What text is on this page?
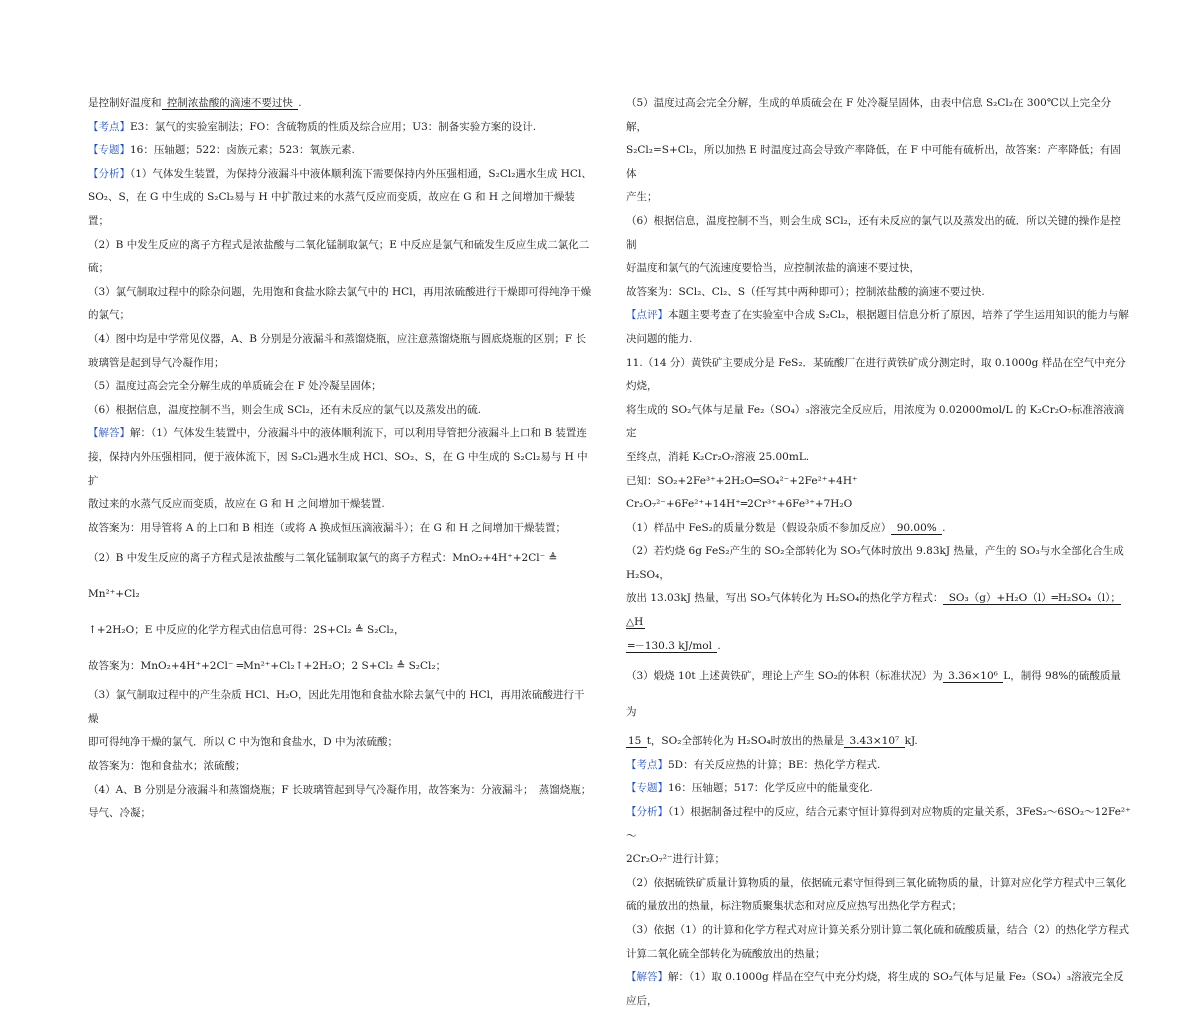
是控制好温度和 控制浓盐酸的滴速不要过快 .

【考点】E3：氯气的实验室制法；FO：含硫物质的性质及综合应用；U3：制备实验方案的设计.

【专题】16：压轴题；522：卤族元素；523：氧族元素.

【分析】（1）气体发生装置，为保持分液漏斗中液体顺利流下需要保持内外压强相通，S₂Cl₂遇水生成 HCl、

SO₂、S，在 G 中生成的 S₂Cl₂易与 H 中扩散过来的水蒸气反应而变质，故应在 G 和 H 之间增加干燥装置；

（2）B 中发生反应的离子方程式是浓盐酸与二氧化锰制取氯气；E 中反应是氯气和硫发生反应生成二氯化二

硫；

（3）氯气制取过程中的除杂问题，先用饱和食盐水除去氯气中的 HCl，再用浓硫酸进行干燥即可得纯净干燥

的氯气；

（4）图中均是中学常见仪器，A、B 分别是分液漏斗和蒸馏烧瓶，应注意蒸馏烧瓶与圆底烧瓶的区别；F 长

玻璃管是起到导气冷凝作用；

（5）温度过高会完全分解生成的单质硫会在 F 处冷凝呈固体；

（6）根据信息，温度控制不当，则会生成 SCl₂，还有未反应的氯气以及蒸发出的硫.

【解答】解：（1）气体发生装置中，分液漏斗中的液体顺利流下，可以利用导管把分液漏斗上口和 B 装置连

接，保持内外压强相同，便于液体流下，因 S₂Cl₂遇水生成 HCl、SO₂、S，在 G 中生成的 S₂Cl₂易与 H 中扩

散过来的水蒸气反应而变质，故应在 G 和 H 之间增加干燥装置.

故答案为：用导管将 A 的上口和 B 相连（或将 A 换成恒压滴液漏斗）；在 G 和 H 之间增加干燥装置；

（2）B 中发生反应的离子方程式是浓盐酸与二氧化锰制取氯气的离子方程式：MnO₂+4H⁺+2Cl⁻ ≜ Mn²⁺+Cl₂

↑+2H₂O；E 中反应的化学方程式由信息可得：2S+Cl₂ ≜ S₂Cl₂，

故答案为：MnO₂+4H⁺+2Cl⁻ ═Mn²⁺+Cl₂↑+2H₂O；2 S+Cl₂ ≜ S₂Cl₂；

（3）氯气制取过程中的产生杂质 HCl、H₂O，因此先用饱和食盐水除去氯气中的 HCl，再用浓硫酸进行干燥

即可得纯净干燥的氯气．所以 C 中为饱和食盐水，D 中为浓硫酸；

故答案为：饱和食盐水；浓硫酸；

（4）A、B 分别是分液漏斗和蒸馏烧瓶；F 长玻璃管起到导气冷凝作用，故答案为：分液漏斗；　蒸馏烧瓶；

导气、冷凝；

（5）温度过高会完全分解，生成的单质硫会在 F 处冷凝呈固体，由表中信息 S₂Cl₂在 300℃以上完全分解，

S₂Cl₂=S+Cl₂，所以加热 E 时温度过高会导致产率降低，在 F 中可能有硫析出，故答案：产率降低；有固体

产生；

（6）根据信息，温度控制不当，则会生成 SCl₂，还有未反应的氯气以及蒸发出的硫．所以关键的操作是控制

好温度和氯气的气流速度要恰当，应控制浓盐的滴速不要过快，

故答案为：SCl₂、Cl₂、S（任写其中两种即可）；控制浓盐酸的滴速不要过快.

【点评】本题主要考查了在实验室中合成 S₂Cl₂，根据题目信息分析了原因，培养了学生运用知识的能力与解

决问题的能力.

11.（14 分）黄铁矿主要成分是 FeS₂．某硫酸厂在进行黄铁矿成分测定时，取 0.1000g 样品在空气中充分灼烧，

将生成的 SO₂气体与足量 Fe₂（SO₄）₃溶液完全反应后，用浓度为 0.02000mol/L 的 K₂Cr₂O₇标准溶液滴定

至终点，消耗 K₂Cr₂O₇溶液 25.00mL.

已知：SO₂+2Fe³⁺+2H₂O═SO₄²⁻+2Fe²⁺+4H⁺

Cr₂O₇²⁻+6Fe²⁺+14H⁺═2Cr³⁺+6Fe³⁺+7H₂O

（1）样品中 FeS₂的质量分数是（假设杂质不参加反应） 90.00% .

（2）若灼烧 6g FeS₂产生的 SO₂全部转化为 SO₃气体时放出 9.83kJ 热量，产生的 SO₃与水全部化合生成 H₂SO₄，

放出 13.03kJ 热量，写出 SO₃气体转化为 H₂SO₄的热化学方程式： SO₃（g）+H₂O（l）═H₂SO₄（l）；△H

═－130.3 kJ/mol .

（3）煅烧 10t 上述黄铁矿，理论上产生 SO₂的体积（标准状况）为 3.36×10⁶ L，制得 98%的硫酸质量为

15 t，SO₂全部转化为 H₂SO₄时放出的热量是 3.43×10⁷ kJ.

【考点】5D：有关反应热的计算；BE：热化学方程式.

【专题】16：压轴题；517：化学反应中的能量变化.

【分析】（1）根据制备过程中的反应，结合元素守恒计算得到对应物质的定量关系，3FeS₂～6SO₂～12Fe²⁺～

2Cr₂O₇²⁻进行计算；

（2）依据硫铁矿质量计算物质的量，依据硫元素守恒得到三氧化硫物质的量，计算对应化学方程式中三氧化

硫的量放出的热量，标注物质聚集状态和对应反应热写出热化学方程式；

（3）依据（1）的计算和化学方程式对应计算关系分别计算二氧化硫和硫酸质量，结合（2）的热化学方程式

计算二氧化硫全部转化为硫酸放出的热量；

【解答】解：（1）取 0.1000g 样品在空气中充分灼烧，将生成的 SO₂气体与足量 Fe₂（SO₄）₃溶液完全反应后，
